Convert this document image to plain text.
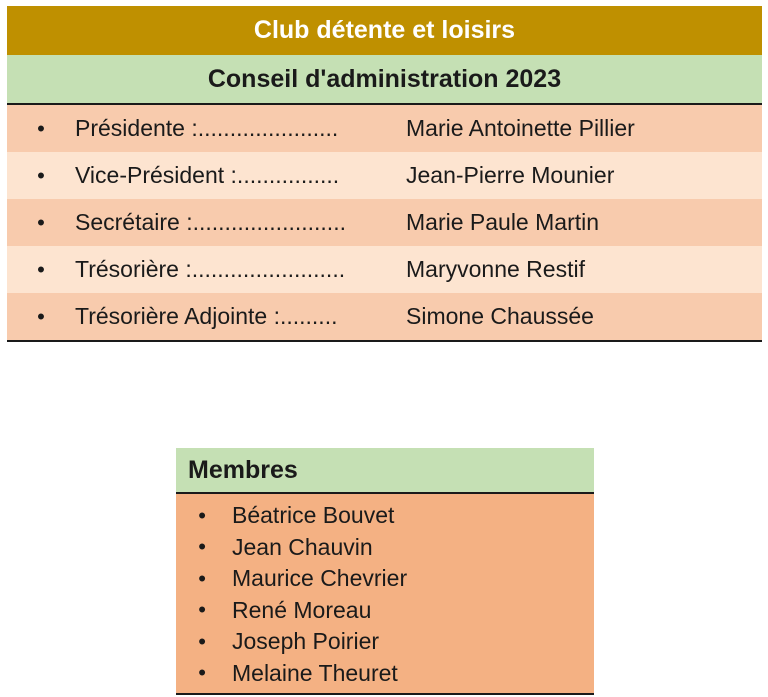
Club détente et loisirs
Conseil d'administration 2023
•	Présidente :......................	Marie Antoinette Pillier
•	Vice-Président :................	Jean-Pierre Mounier
•	Secrétaire :........................	Marie Paule Martin
•	Trésorière :........................	Maryvonne Restif
•	Trésorière Adjointe :.........	Simone Chaussée
Membres
•	Béatrice Bouvet
•	Jean Chauvin
•	Maurice Chevrier
•	René Moreau
•	Joseph Poirier
•	Melaine Theuret
